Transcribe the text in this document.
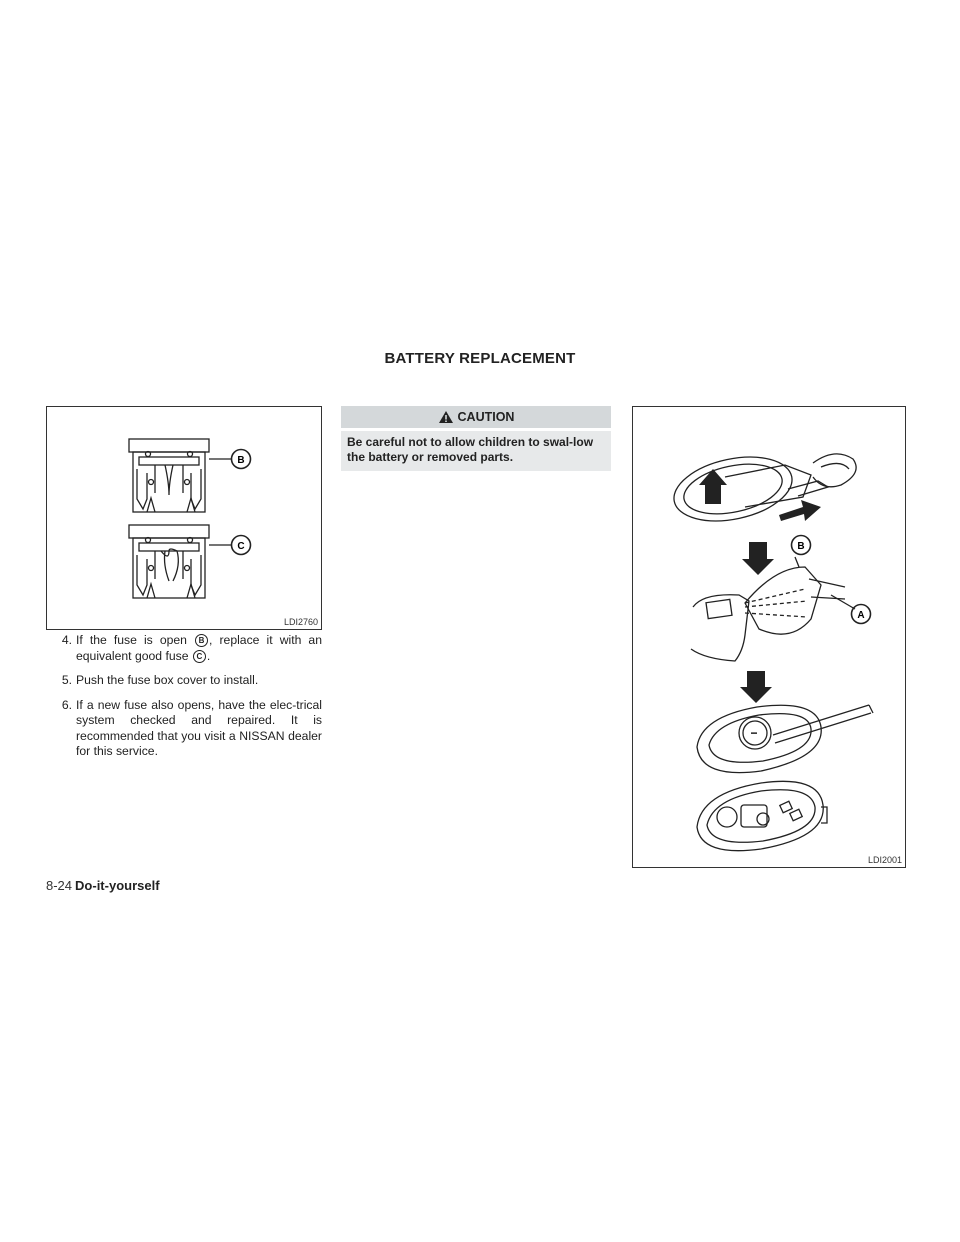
BATTERY REPLACEMENT
B
C
LDI2760
4. If the fuse is open B , replace it with an equivalent good fuse C .
5. Push the fuse box cover to install.
6. If a new fuse also opens, have the elec-trical system checked and repaired. It is recommended that you visit a NISSAN dealer for this service.
CAUTION
Be careful not to allow children to swal-low the battery or removed parts.
B
A
−
LDI2001
8-24 Do-it-yourself
